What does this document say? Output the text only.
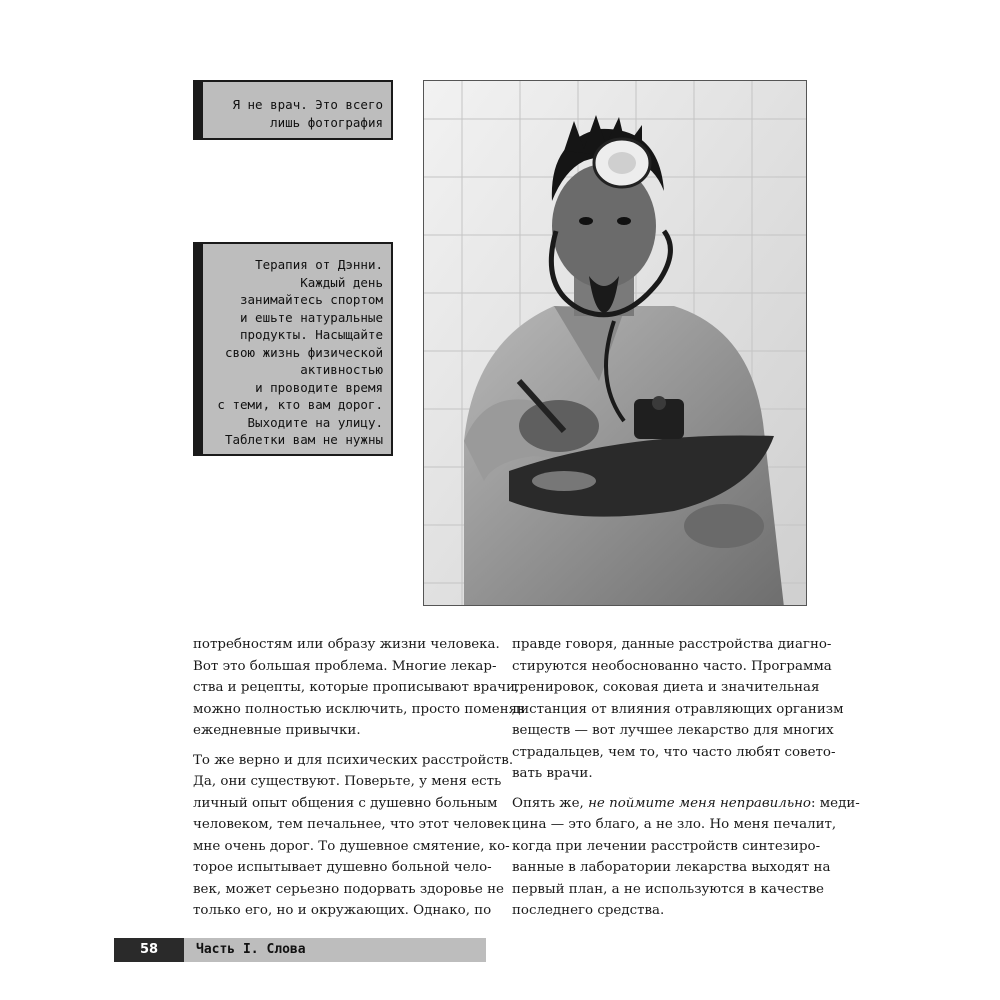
Я не врач. Это всего
лишь фотография
Терапия от Дэнни.
Каждый день
занимайтесь спортом
и ешьте натуральные
продукты. Насыщайте
свою жизнь физической
активностью
и проводите время
с теми, кто вам дорог.
Выходите на улицу.
Таблетки вам не нужны

потребностям или образу жизни человека.
Вот это большая проблема. Многие лекар-
ства и рецепты, которые прописывают врачи,
можно полностью исключить, просто поменяв
ежедневные привычки.

То же верно и для психических расстройств.
Да, они существуют. Поверьте, у меня есть
личный опыт общения с душевно больным
человеком, тем печальнее, что этот человек
мне очень дорог. То душевное смятение, ко-
торое испытывает душевно больной чело-
век, может серьезно подорвать здоровье не
только его, но и окружающих. Однако, по

правде говоря, данные расстройства диагно-
стируются необоснованно часто. Программа
тренировок, соковая диета и значительная
дистанция от влияния отравляющих организм
веществ — вот лучшее лекарство для многих
страдальцев, чем то, что часто любят совето-
вать врачи.

Опять же, не поймите меня неправильно: меди-
цина — это благо, а не зло. Но меня печалит,
когда при лечении расстройств синтезиро-
ванные в лаборатории лекарства выходят на
первый план, а не используются в качестве
последнего средства.

58	Часть I. Слова
